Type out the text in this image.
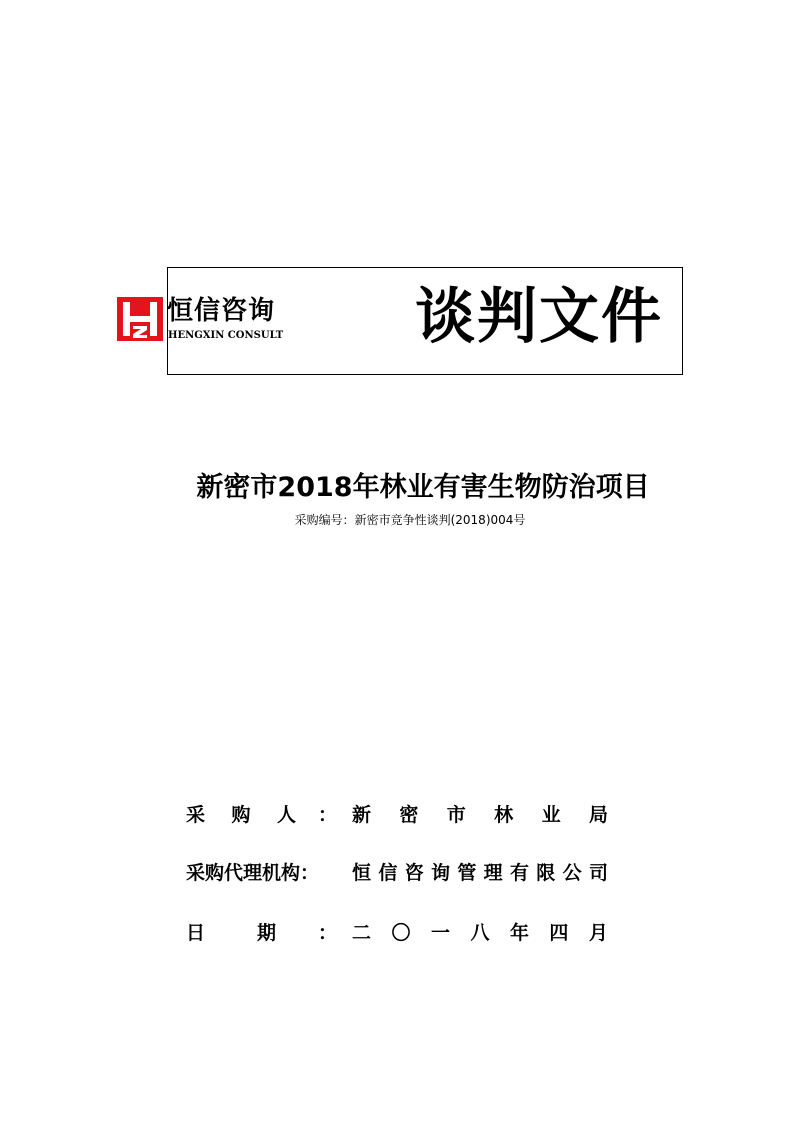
恒信咨询
HENGXIN CONSULT 谈判文件
新密市2018年林业有害生物防治项目
采购编号：新密市竞争性谈判(2018)004号
采 购 人 ： 新 密 市 林 业 局
采购代理机构： 恒 信 咨 询 管 理 有 限 公 司
日	期 ： 二 〇 一 八 年 四 月
